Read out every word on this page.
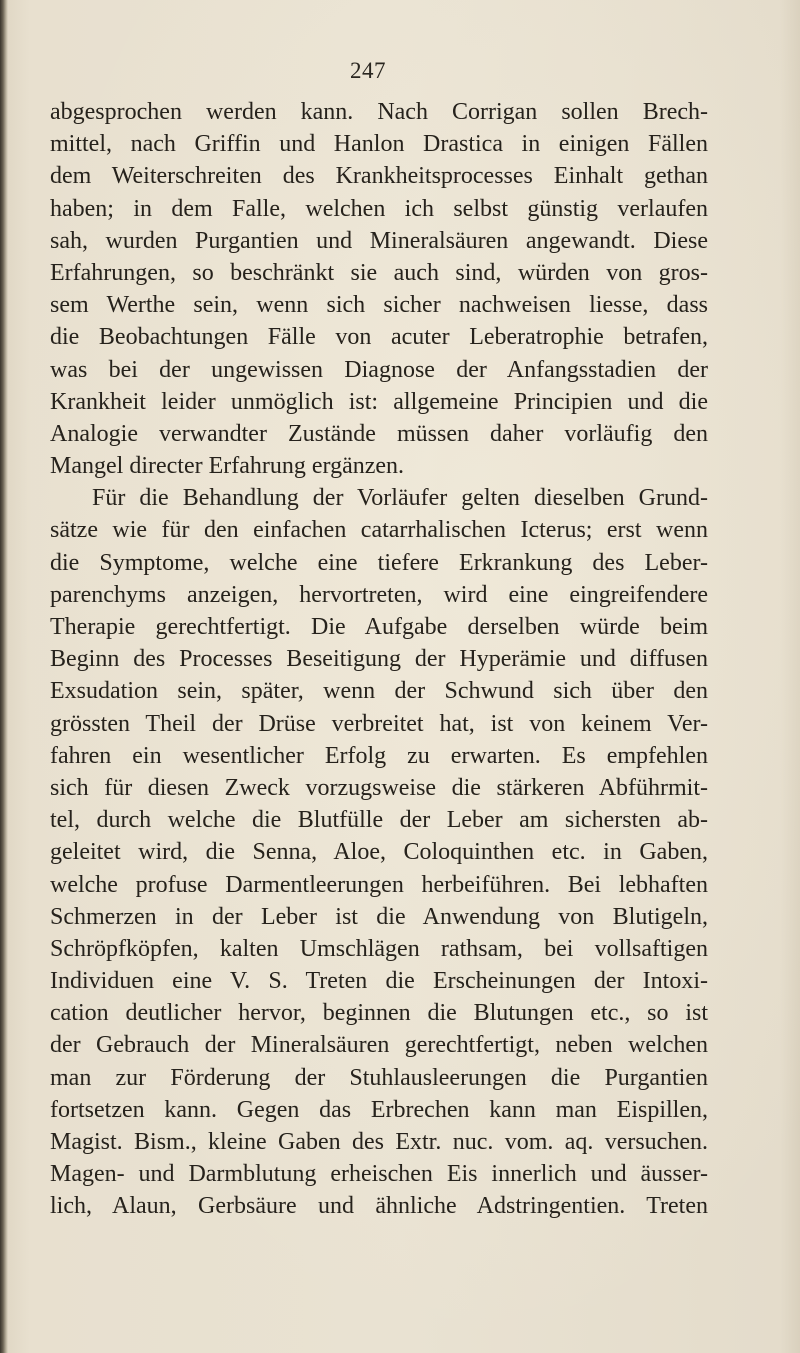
247
abgesprochen werden kann. Nach Corrigan sollen Brech-
mittel, nach Griffin und Hanlon Drastica in einigen Fällen
dem Weiterschreiten des Krankheitsprocesses Einhalt gethan
haben; in dem Falle, welchen ich selbst günstig verlaufen
sah, wurden Purgantien und Mineralsäuren angewandt. Diese
Erfahrungen, so beschränkt sie auch sind, würden von gros-
sem Werthe sein, wenn sich sicher nachweisen liesse, dass
die Beobachtungen Fälle von acuter Leberatrophie betrafen,
was bei der ungewissen Diagnose der Anfangsstadien der
Krankheit leider unmöglich ist: allgemeine Principien und die
Analogie verwandter Zustände müssen daher vorläufig den
Mangel directer Erfahrung ergänzen.
Für die Behandlung der Vorläufer gelten dieselben Grund-
sätze wie für den einfachen catarrhalischen Icterus; erst wenn
die Symptome, welche eine tiefere Erkrankung des Leber-
parenchyms anzeigen, hervortreten, wird eine eingreifendere
Therapie gerechtfertigt. Die Aufgabe derselben würde beim
Beginn des Processes Beseitigung der Hyperämie und diffusen
Exsudation sein, später, wenn der Schwund sich über den
grössten Theil der Drüse verbreitet hat, ist von keinem Ver-
fahren ein wesentlicher Erfolg zu erwarten. Es empfehlen
sich für diesen Zweck vorzugsweise die stärkeren Abführmit-
tel, durch welche die Blutfülle der Leber am sichersten ab-
geleitet wird, die Senna, Aloe, Coloquinthen etc. in Gaben,
welche profuse Darmentleerungen herbeiführen. Bei lebhaften
Schmerzen in der Leber ist die Anwendung von Blutigeln,
Schröpfköpfen, kalten Umschlägen rathsam, bei vollsaftigen
Individuen eine V. S. Treten die Erscheinungen der Intoxi-
cation deutlicher hervor, beginnen die Blutungen etc., so ist
der Gebrauch der Mineralsäuren gerechtfertigt, neben welchen
man zur Förderung der Stuhlausleerungen die Purgantien
fortsetzen kann. Gegen das Erbrechen kann man Eispillen,
Magist. Bism., kleine Gaben des Extr. nuc. vom. aq. versuchen.
Magen- und Darmblutung erheischen Eis innerlich und äusser-
lich, Alaun, Gerbsäure und ähnliche Adstringentien. Treten
